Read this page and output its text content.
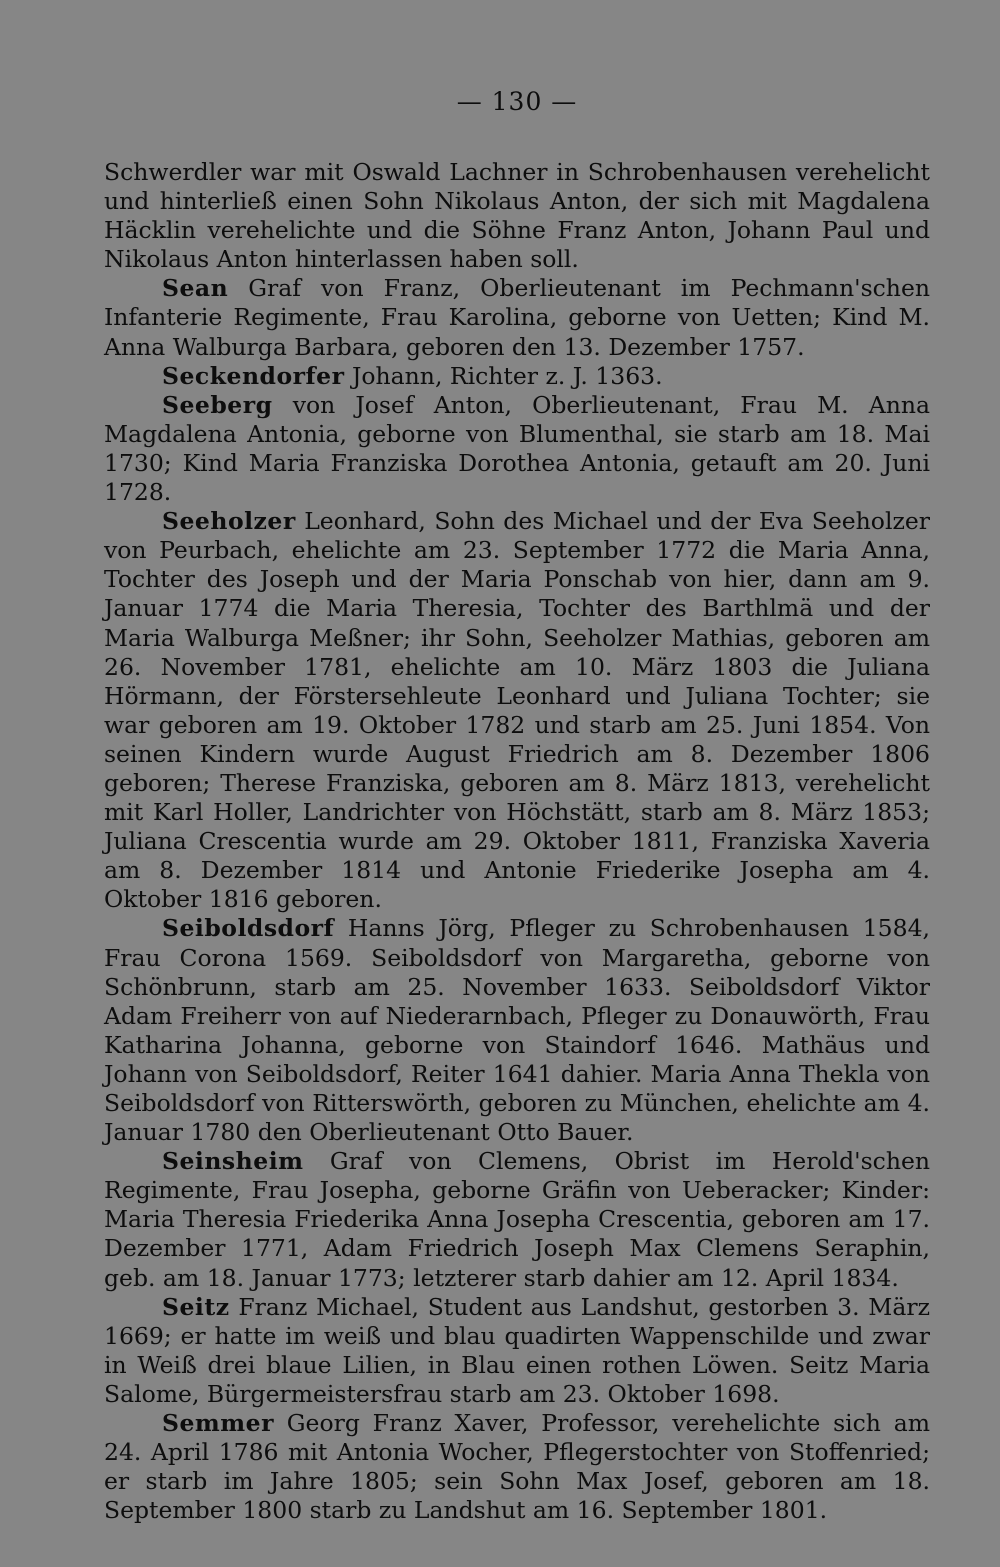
— 130 —

Schwerdler war mit Oswald Lachner in Schrobenhausen verehelicht und hinterließ einen Sohn Nikolaus Anton, der sich mit Magdalena Häcklin verehelichte und die Söhne Franz Anton, Johann Paul und Nikolaus Anton hinterlassen haben soll.

Sean Graf von Franz, Oberlieutenant im Pechmann'schen Infanterie Regimente, Frau Karolina, geborne von Uetten; Kind M. Anna Walburga Barbara, geboren den 13. Dezember 1757.

Seckendorfer Johann, Richter z. J. 1363.

Seeberg von Josef Anton, Oberlieutenant, Frau M. Anna Magdalena Antonia, geborne von Blumenthal, sie starb am 18. Mai 1730; Kind Maria Franziska Dorothea Antonia, getauft am 20. Juni 1728.

Seeholzer Leonhard, Sohn des Michael und der Eva Seeholzer von Peurbach, ehelichte am 23. September 1772 die Maria Anna, Tochter des Joseph und der Maria Ponschab von hier, dann am 9. Januar 1774 die Maria Theresia, Tochter des Barthlmä und der Maria Walburga Meßner; ihr Sohn, Seeholzer Mathias, geboren am 26. November 1781, ehelichte am 10. März 1803 die Juliana Hörmann, der Förstersehleute Leonhard und Juliana Tochter; sie war geboren am 19. Oktober 1782 und starb am 25. Juni 1854. Von seinen Kindern wurde August Friedrich am 8. Dezember 1806 geboren; Therese Franziska, geboren am 8. März 1813, verehelicht mit Karl Holler, Landrichter von Höchstätt, starb am 8. März 1853; Juliana Crescentia wurde am 29. Oktober 1811, Franziska Xaveria am 8. Dezember 1814 und Antonie Friederike Josepha am 4. Oktober 1816 geboren.

Seiboldsdorf Hanns Jörg, Pfleger zu Schrobenhausen 1584, Frau Corona 1569. Seiboldsdorf von Margaretha, geborne von Schönbrunn, starb am 25. November 1633. Seiboldsdorf Viktor Adam Freiherr von auf Niederarnbach, Pfleger zu Donauwörth, Frau Katharina Johanna, geborne von Staindorf 1646. Mathäus und Johann von Seiboldsdorf, Reiter 1641 dahier. Maria Anna Thekla von Seiboldsdorf von Ritterswörth, geboren zu München, ehelichte am 4. Januar 1780 den Oberlieutenant Otto Bauer.

Seinsheim Graf von Clemens, Obrist im Herold'schen Regimente, Frau Josepha, geborne Gräfin von Ueberacker; Kinder: Maria Theresia Friederika Anna Josepha Crescentia, geboren am 17. Dezember 1771, Adam Friedrich Joseph Max Clemens Seraphin, geb. am 18. Januar 1773; letzterer starb dahier am 12. April 1834.

Seitz Franz Michael, Student aus Landshut, gestorben 3. März 1669; er hatte im weiß und blau quadirten Wappenschilde und zwar in Weiß drei blaue Lilien, in Blau einen rothen Löwen. Seitz Maria Salome, Bürgermeistersfrau starb am 23. Oktober 1698.

Semmer Georg Franz Xaver, Professor, verehelichte sich am 24. April 1786 mit Antonia Wocher, Pflegerstochter von Stoffenried; er starb im Jahre 1805; sein Sohn Max Josef, geboren am 18. September 1800 starb zu Landshut am 16. September 1801.
